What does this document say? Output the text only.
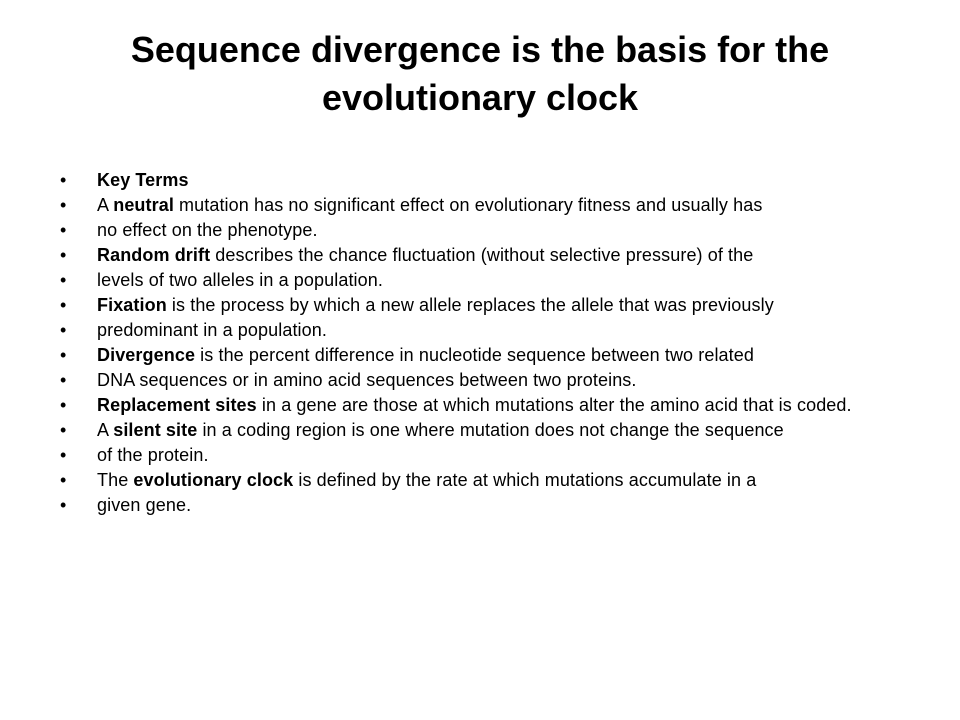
Sequence divergence is the basis for the evolutionary clock
• Key Terms
• A neutral mutation has no significant effect on evolutionary fitness and usually has
• no effect on the phenotype.
• Random drift describes the chance fluctuation (without selective pressure) of the
• levels of two alleles in a population.
• Fixation is the process by which a new allele replaces the allele that was previously
• predominant in a population.
• Divergence is the percent difference in nucleotide sequence between two related
• DNA sequences or in amino acid sequences between two proteins.
• Replacement sites in a gene are those at which mutations alter the amino acid that is coded.
• A silent site in a coding region is one where mutation does not change the sequence
• of the protein.
• The evolutionary clock is defined by the rate at which mutations accumulate in a
• given gene.
